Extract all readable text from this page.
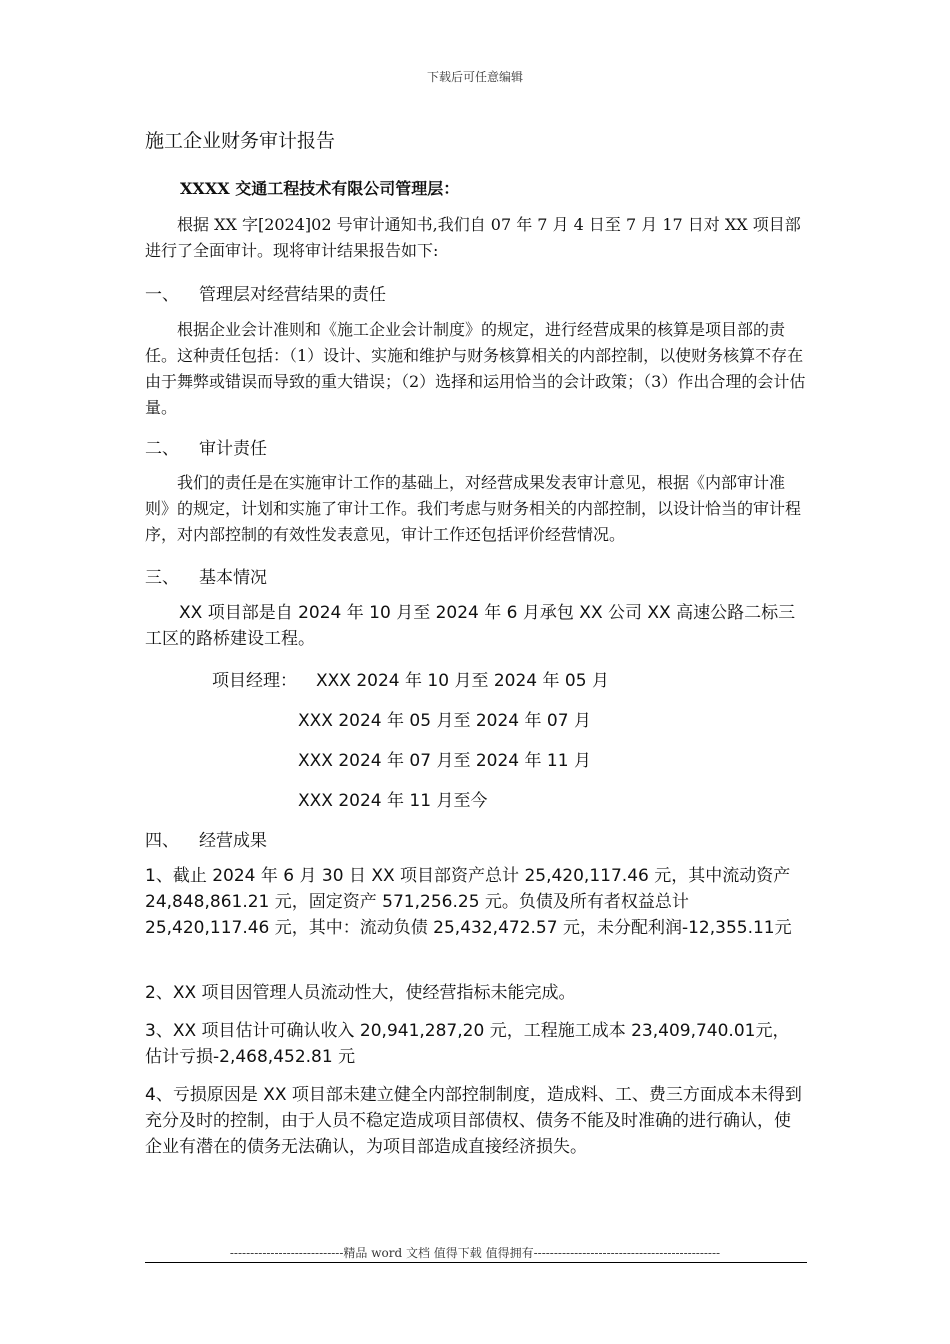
下载后可任意编辑
施工企业财务审计报告
XXXX 交通工程技术有限公司管理层：

根据 XX 字[2024]02 号审计通知书,我们自 07 年 7 月 4 日至 7 月 17 日对 XX 项目部进行了全面审计。现将审计结果报告如下:

一、 管理层对经营结果的责任

根据企业会计准则和《施工企业会计制度》的规定，进行经营成果的核算是项目部的责任。这种责任包括：（1）设计、实施和维护与财务核算相关的内部控制，以使财务核算不存在由于舞弊或错误而导致的重大错误；（2）选择和运用恰当的会计政策；（3）作出合理的会计估量。

二、 审计责任

我们的责任是在实施审计工作的基础上，对经营成果发表审计意见，根据《内部审计准则》的规定，计划和实施了审计工作。我们考虑与财务相关的内部控制，以设计恰当的审计程序，对内部控制的有效性发表意见，审计工作还包括评价经营情况。

三、 基本情况

XX 项目部是自 2024 年 10 月至 2024 年 6 月承包 XX 公司 XX 高速公路二标三工区的路桥建设工程。

项目经理： XXX 2024 年 10 月至 2024 年 05 月
XXX 2024 年 05 月至 2024 年 07 月
XXX 2024 年 07 月至 2024 年 11 月
XXX 2024 年 11 月至今
四、 经营成果

1、截止 2024 年 6 月 30 日 XX 项目部资产总计 25,420,117.46 元，其中流动资产 24,848,861.21 元，固定资产 571,256.25 元。负债及所有者权益总计25,420,117.46 元，其中：流动负债 25,432,472.57 元，未分配利润-12,355.11元

2、XX 项目因管理人员流动性大，使经营指标未能完成。

3、XX 项目估计可确认收入 20,941,287,20 元，工程施工成本 23,409,740.01元，　估计亏损-2,468,452.81 元

4、亏损原因是 XX 项目部未建立健全内部控制制度，造成料、工、费三方面成本未得到充分及时的控制，由于人员不稳定造成项目部债权、债务不能及时准确的进行确认，使企业有潜在的债务无法确认，为项目部造成直接经济损失。

----------------------------精品 word 文档 值得下载 值得拥有----------------------------------------------
